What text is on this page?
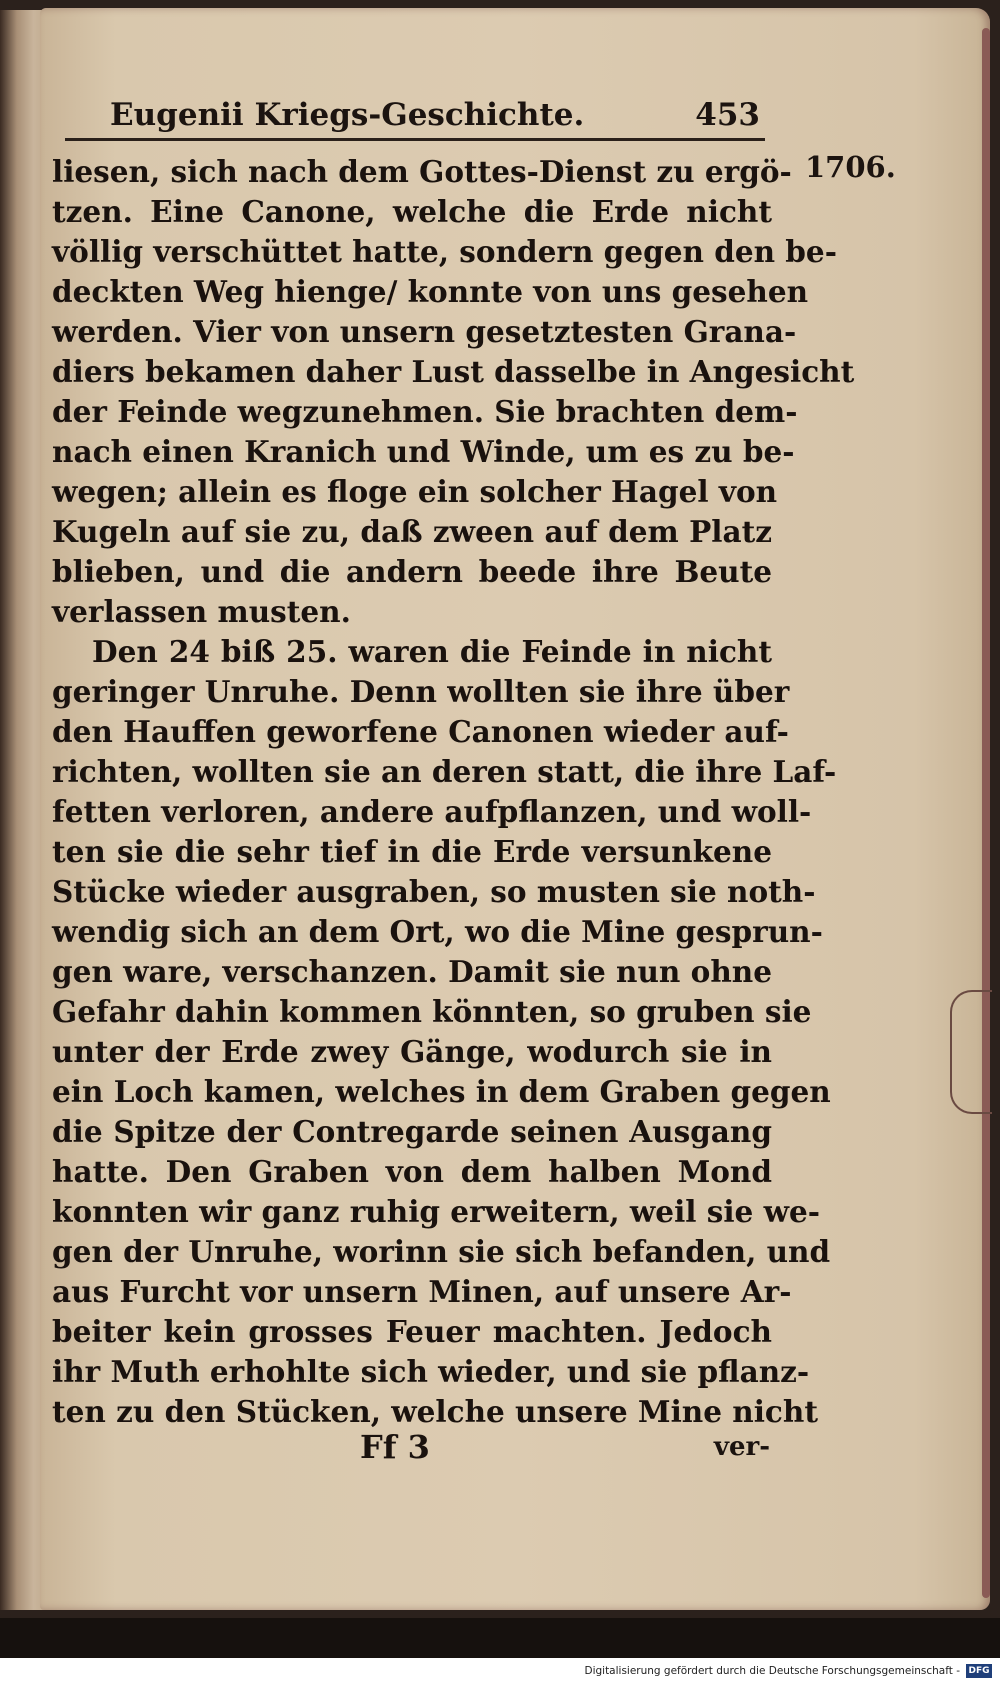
Eugenii Kriegs-Geschichte.	453
1706.
liesen, sich nach dem Gottes-Dienst zu ergö-
tzen. Eine Canone, welche die Erde nicht
völlig verschüttet hatte, sondern gegen den be-
deckten Weg hienge/ konnte von uns gesehen
werden. Vier von unsern gesetztesten Grana-
diers bekamen daher Lust dasselbe in Angesicht
der Feinde wegzunehmen. Sie brachten dem-
nach einen Kranich und Winde, um es zu be-
wegen; allein es floge ein solcher Hagel von
Kugeln auf sie zu, daß zween auf dem Platz
blieben, und die andern beede ihre Beute
verlassen musten.
Den 24 biß 25. waren die Feinde in nicht
geringer Unruhe. Denn wollten sie ihre über
den Hauffen geworfene Canonen wieder auf-
richten, wollten sie an deren statt, die ihre Laf-
fetten verloren, andere aufpflanzen, und woll-
ten sie die sehr tief in die Erde versunkene
Stücke wieder ausgraben, so musten sie noth-
wendig sich an dem Ort, wo die Mine gesprun-
gen ware, verschanzen. Damit sie nun ohne
Gefahr dahin kommen könnten, so gruben sie
unter der Erde zwey Gänge, wodurch sie in
ein Loch kamen, welches in dem Graben gegen
die Spitze der Contregarde seinen Ausgang
hatte. Den Graben von dem halben Mond
konnten wir ganz ruhig erweitern, weil sie we-
gen der Unruhe, worinn sie sich befanden, und
aus Furcht vor unsern Minen, auf unsere Ar-
beiter kein grosses Feuer machten. Jedoch
ihr Muth erhohlte sich wieder, und sie pflanz-
ten zu den Stücken, welche unsere Mine nicht
Ff 3	ver-
Digitalisierung gefördert durch die Deutsche Forschungsgemeinschaft - DFG
